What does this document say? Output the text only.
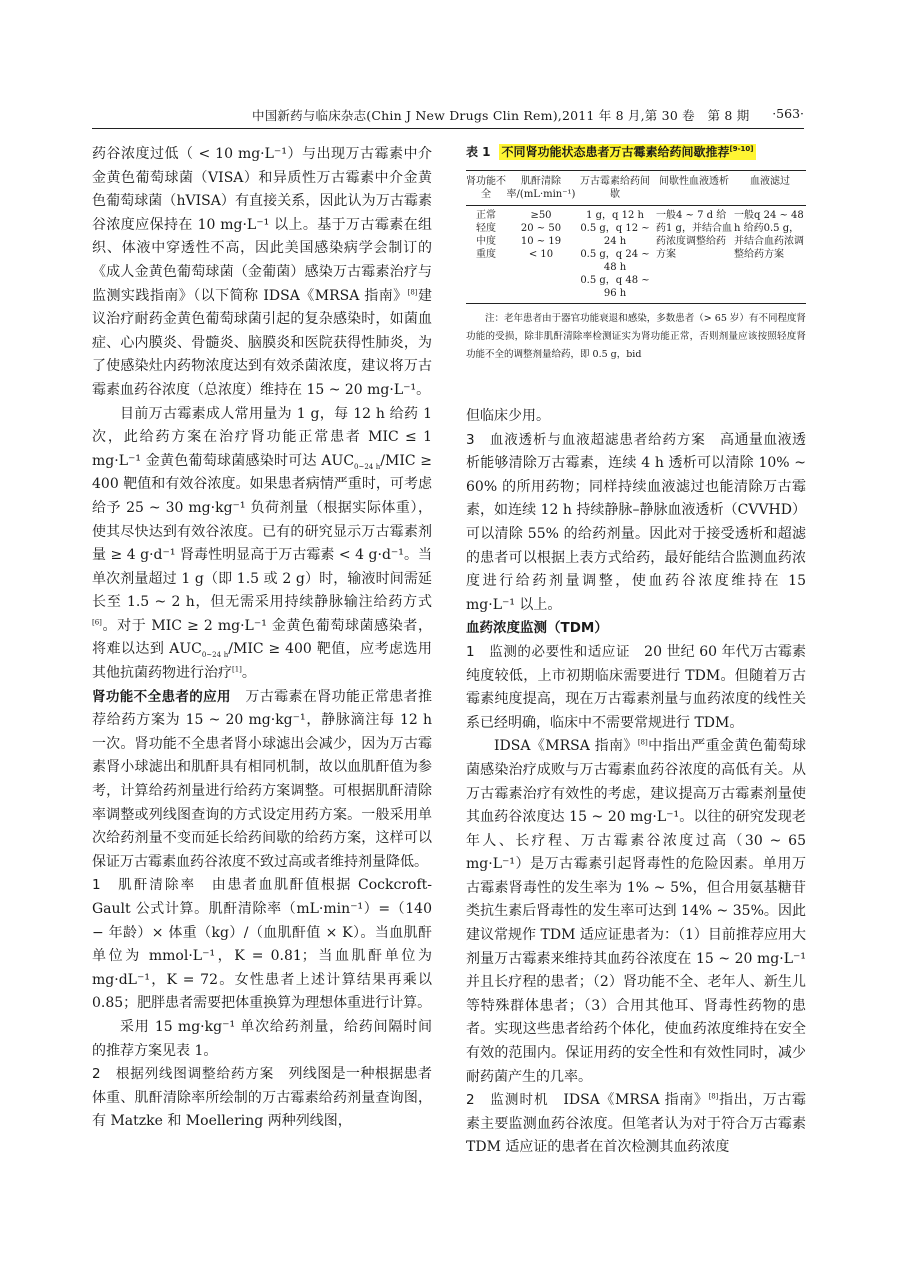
中国新药与临床杂志(Chin J New Drugs Clin Rem),2011 年 8 月,第 30 卷　第 8 期 ·563·

药谷浓度过低（ < 10 mg·L⁻¹）与出现万古霉素中介金黄色葡萄球菌（VISA）和异质性万古霉素中介金黄色葡萄球菌（hVISA）有直接关系，因此认为万古霉素谷浓度应保持在 10 mg·L⁻¹ 以上。基于万古霉素在组织、体液中穿透性不高，因此美国感染病学会制订的《成人金黄色葡萄球菌（金葡菌）感染万古霉素治疗与监测实践指南》（以下简称 IDSA《MRSA 指南》[8]建议治疗耐药金黄色葡萄球菌引起的复杂感染时，如菌血症、心内膜炎、骨髓炎、脑膜炎和医院获得性肺炎，为了使感染灶内药物浓度达到有效杀菌浓度，建议将万古霉素血药谷浓度（总浓度）维持在 15 ~ 20 mg·L⁻¹。

目前万古霉素成人常用量为 1 g，每 12 h 给药 1 次，此给药方案在治疗肾功能正常患者 MIC ≤ 1 mg·L⁻¹ 金黄色葡萄球菌感染时可达 $AUC_{0\sim 24 h}$/MIC ≥ 400 靶值和有效谷浓度。如果患者病情严重时，可考虑给予 25 ~ 30 mg·kg⁻¹ 负荷剂量（根据实际体重），使其尽快达到有效谷浓度。已有的研究显示万古霉素剂量 ≥ 4 g·d⁻¹ 肾毒性明显高于万古霉素 < 4 g·d⁻¹。当单次剂量超过 1 g（即 1.5 或 2 g）时，输液时间需延长至 1.5 ~ 2 h，但无需采用持续静脉输注给药方式[6]。对于 MIC ≥ 2 mg·L⁻¹ 金黄色葡萄球菌感染者，将难以达到 $AUC_{0\sim 24 h}$/MIC ≥ 400 靶值，应考虑选用其他抗菌药物进行治疗[1]。

肾功能不全患者的应用　万古霉素在肾功能正常患者推荐给药方案为 15 ~ 20 mg·kg⁻¹，静脉滴注每 12 h 一次。肾功能不全患者肾小球滤出会减少，因为万古霉素肾小球滤出和肌酐具有相同机制，故以血肌酐值为参考，计算给药剂量进行给药方案调整。可根据肌酐清除率调整或列线图查询的方式设定用药方案。一般采用单次给药剂量不变而延长给药间歇的给药方案，这样可以保证万古霉素血药谷浓度不致过高或者维持剂量降低。

1　肌酐清除率　由患者血肌酐值根据 Cockcroft-Gault 公式计算。肌酐清除率（mL·min⁻¹）=（140 − 年龄）× 体重（kg）/（血肌酐值 × K）。当血肌酐单位为 mmol·L⁻¹，K = 0.81；当血肌酐单位为 mg·dL⁻¹，K = 72。女性患者上述计算结果再乘以 0.85；肥胖患者需要把体重换算为理想体重进行计算。

采用 15 mg·kg⁻¹ 单次给药剂量，给药间隔时间的推荐方案见表 1。

2　根据列线图调整给药方案　列线图是一种根据患者体重、肌酐清除率所绘制的万古霉素给药剂量查询图，有 Matzke 和 Moellering 两种列线图，

表 1 不同肾功能状态患者万古霉素给药间歇推荐[9-10]
肾功能不全
肌酐清除率/(mL·min⁻¹)
万古霉素给药间歇
间歇性血液透析	血液滤过
正常
轻度
中度
重度
≥50
20 ~ 50
10 ~ 19
< 10
1 g，q 12 h
0.5 g，q 12 ~ 24 h
0.5 g，q 24 ~ 48 h
0.5 g，q 48 ~ 96 h
一般4 ~ 7 d 给药1 g，并结合血药浓度调整给药方案
一般q 24 ~ 48 h 给药0.5 g，并结合血药浓调整给药方案
注：老年患者由于器官功能衰退和感染，多数患者（> 65 岁）有不同程度肾功能的受损，除非肌酐清除率检测证实为肾功能正常，否则剂量应该按照轻度肾功能不全的调整剂量给药，即 0.5 g，bid

但临床少用。

3　血液透析与血液超滤患者给药方案　高通量血液透析能够清除万古霉素，连续 4 h 透析可以清除 10% ~ 60% 的所用药物；同样持续血液滤过也能清除万古霉素，如连续 12 h 持续静脉–静脉血液透析（CVVHD）可以清除 55% 的给药剂量。因此对于接受透析和超滤的患者可以根据上表方式给药，最好能结合监测血药浓度进行给药剂量调整，使血药谷浓度维持在 15 mg·L⁻¹ 以上。

血药浓度监测（TDM）

1　监测的必要性和适应证　20 世纪 60 年代万古霉素纯度较低，上市初期临床需要进行 TDM。但随着万古霉素纯度提高，现在万古霉素剂量与血药浓度的线性关系已经明确，临床中不需要常规进行 TDM。

IDSA《MRSA 指南》[8]中指出严重金黄色葡萄球菌感染治疗成败与万古霉素血药谷浓度的高低有关。从万古霉素治疗有效性的考虑，建议提高万古霉素剂量使其血药谷浓度达 15 ~ 20 mg·L⁻¹。以往的研究发现老年人、长疗程、万古霉素谷浓度过高（30 ~ 65 mg·L⁻¹）是万古霉素引起肾毒性的危险因素。单用万古霉素肾毒性的发生率为 1% ~ 5%，但合用氨基糖苷类抗生素后肾毒性的发生率可达到 14% ~ 35%。因此建议常规作 TDM 适应证患者为：（1）目前推荐应用大剂量万古霉素来维持其血药谷浓度在 15 ~ 20 mg·L⁻¹ 并且长疗程的患者；（2）肾功能不全、老年人、新生儿等特殊群体患者；（3）合用其他耳、肾毒性药物的患者。实现这些患者给药个体化，使血药浓度维持在安全有效的范围内。保证用药的安全性和有效性同时，减少耐药菌产生的几率。

2　监测时机　IDSA《MRSA 指南》[8]指出，万古霉素主要监测血药谷浓度。但笔者认为对于符合万古霉素 TDM 适应证的患者在首次检测其血药浓度
